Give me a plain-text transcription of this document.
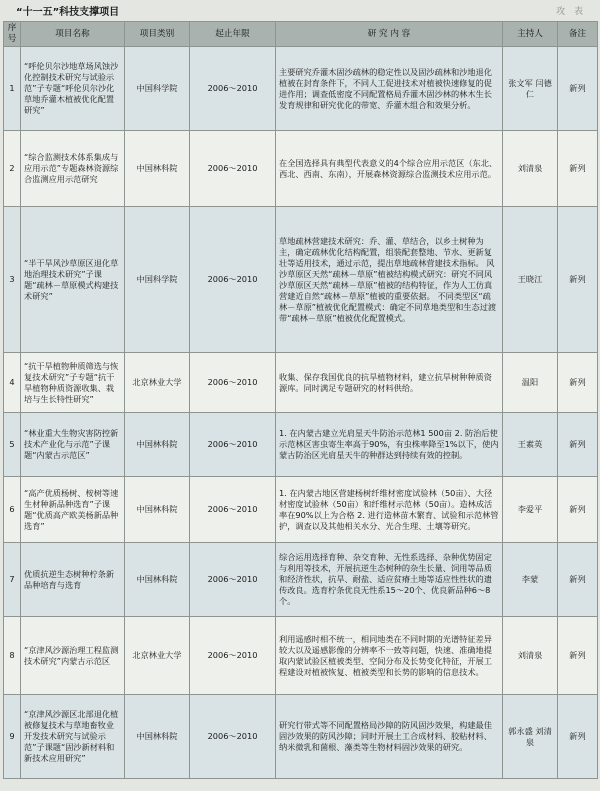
“十一五”科技支撑项目	攻 表
序号	项目名称	项目类别	起止年限	研 究 内 容	主持人	备注
1	“呼伦贝尔沙地草场风蚀沙化控制技术研究与试验示范”子专题“呼伦贝尔沙化草地乔灌木植被优化配置研究”	中国科学院	2006～2010	主要研究乔灌木固沙疏林的稳定性以及固沙疏林和沙地退化植被在封育条件下，不同人工促进技术对植被快速修复的促进作用；调查低密度不同配置格局乔灌木固沙林的林木生长发育规律和研究优化的带宽、乔灌木组合和效果分析。	张文军 闫德仁	新列
2	“综合监测技术体系集成与应用示范”专题森林资源综合监测应用示范研究	中国林科院	2006～2010	在全国选择具有典型代表意义的4个综合应用示范区（东北、西北、西南、东南），开展森林资源综合监测技术应用示范。	刘清泉	新列
3	“半干旱风沙草原区退化草地治理技术研究”子课题“疏林－草原模式构建技术研究”	中国科学院	2006～2010	草地疏林营建技术研究：乔、灌、草结合，以乡土树种为主，确定疏林优化结构配置，组装配套整地、节水、更新复壮等适用技术，通过示范，提出草地疏林营建技术指标。 风沙草原区天然“疏林－草原”植被结构模式研究：研究不同风沙草原区天然“疏林－草原”植被的结构特征，作为人工仿真营建近自然“疏林－草原”植被的重要依据。 不同类型区“疏林－草原”植被优化配置模式：确定不同草地类型和生态过渡带“疏林－草原”植被优化配置模式。	王晓江	新列
4	“抗干旱植物种质筛选与恢复技术研究”子专题“抗干旱植物种质资源收集、栽培与生长特性研究”	北京林业大学	2006～2010	收集、保存我国优良的抗旱植物材料，建立抗旱树种种质资源库。同时满足专题研究的材料供给。	温阳	新列
5	“林业重大生物灾害防控新技术产业化与示范”子课题“内蒙古示范区”	中国林科院	2006～2010	1. 在内蒙古建立光肩星天牛防治示范林1 500亩 2. 防治后使示范林区害虫寄生率高于90%，有虫株率降至1%以下，使内蒙古防治区光肩星天牛的种群达到持续有效的控制。	王素英	新列
6	“高产优质杨树、桉树等速生材种新品种选育”子课题“优质高产欧美杨新品种选育”	中国林科院	2006～2010	1. 在内蒙古地区营建杨树纤维材密度试验林（50亩）、大径材密度试验林（50亩）和纤维材示范林（50亩）。造林成活率在90%以上为合格 2. 进行造林苗木繁育、试验和示范林管护，调查以及其他相关水分、光合生理、土壤等研究。	李爱平	新列
7	优质抗逆生态树种柠条新品种培育与选育	中国林科院	2006～2010	综合运用选择育种、杂交育种、无性系选择、杂种优势固定与利用等技术，开展抗逆生态树种的杂生长量、饲用等品质和经济性状，抗旱、耐盐、适应贫瘠土地等适应性性状的遗传改良。选育柠条优良无性系15～20个、优良新品种6～8个。	李蒙	新列
8	“京津风沙源治理工程监测技术研究”内蒙古示范区	北京林业大学	2006～2010	利用遥感时相不统一，相同地类在不同时期的光谱特征差异较大以及遥感影像的分辨率不一致等问题，快速、准确地提取内蒙试验区植被类型、空间分布及长势变化特征，开展工程建设对植被恢复、植被类型和长势的影响的信息技术。	刘清泉	新列
9	“京津风沙源区北部退化植被修复技术与草地畜牧业开发技术研究与试验示范”子课题“固沙新材料和新技术应用研究”	中国林科院	2006～2010	研究行带式等不同配置格局沙障的防风固沙效果，构建最佳固沙效果的防风沙障；同时开展土工合成材料、胶粘材料、纳米微乳和菌根、藻类等生物材料固沙效果的研究。	郭永盛 刘清泉	新列
